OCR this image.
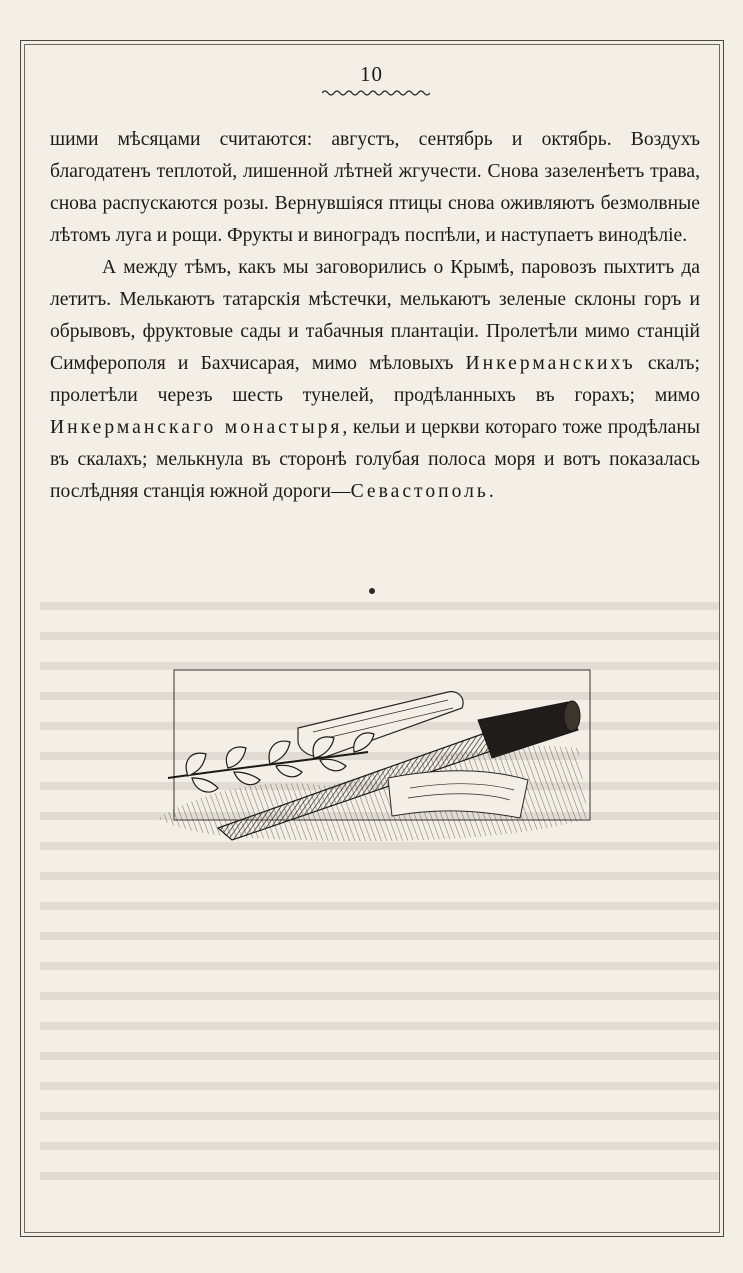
10

шими мѣсяцами считаются: августъ, сентябрь и октябрь. Воздухъ благодатенъ теплотой, лишенной лѣтней жгучести. Снова зазеленѣетъ трава, снова распускаются розы. Вернувшіяся птицы снова оживляютъ безмолвные лѣтомъ луга и рощи. Фрукты и виноградъ поспѣли, и наступаетъ винодѣліе.

А между тѣмъ, какъ мы заговорились о Крымѣ, паровозъ пыхтитъ да летитъ. Мелькаютъ татарскія мѣстечки, мелькаютъ зеленые склоны горъ и обрывовъ, фруктовые сады и табачныя плантаціи. Пролетѣли мимо станцій Симферополя и Бахчисарая, мимо мѣловыхъ Инкерманскихъ скалъ; пролетѣли черезъ шесть тунелей, продѣланныхъ въ горахъ; мимо Инкерманскаго монастыря, кельи и церкви котораго тоже продѣланы въ скалахъ; мелькнула въ сторонѣ голубая полоса моря и вотъ показалась послѣдняя станція южной дороги—Севастополь.
